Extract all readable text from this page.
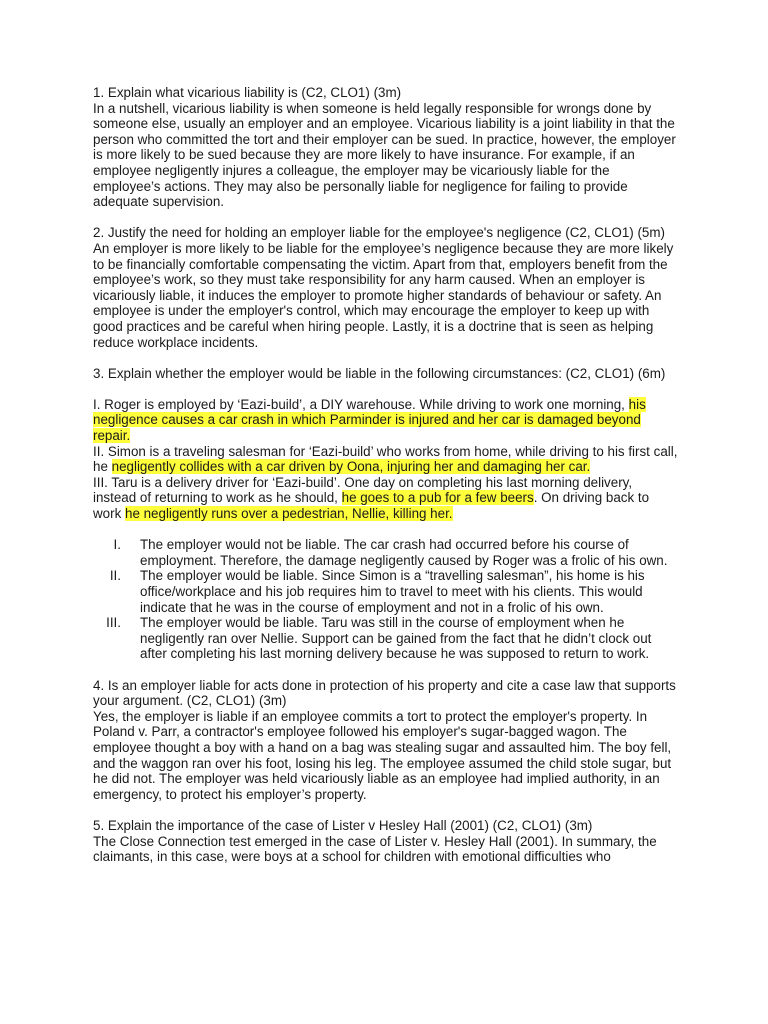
1. Explain what vicarious liability is (C2, CLO1) (3m)

In a nutshell, vicarious liability is when someone is held legally responsible for wrongs done by someone else, usually an employer and an employee. Vicarious liability is a joint liability in that the person who committed the tort and their employer can be sued. In practice, however, the employer is more likely to be sued because they are more likely to have insurance. For example, if an employee negligently injures a colleague, the employer may be vicariously liable for the employee’s actions. They may also be personally liable for negligence for failing to provide adequate supervision.

2. Justify the need for holding an employer liable for the employee's negligence (C2, CLO1) (5m)

An employer is more likely to be liable for the employee’s negligence because they are more likely to be financially comfortable compensating the victim. Apart from that, employers benefit from the employee’s work, so they must take responsibility for any harm caused. When an employer is vicariously liable, it induces the employer to promote higher standards of behaviour or safety. An employee is under the employer's control, which may encourage the employer to keep up with good practices and be careful when hiring people. Lastly, it is a doctrine that is seen as helping reduce workplace incidents.

3. Explain whether the employer would be liable in the following circumstances: (C2, CLO1) (6m)

I. Roger is employed by ‘Eazi-build’, a DIY warehouse. While driving to work one morning, his negligence causes a car crash in which Parminder is injured and her car is damaged beyond repair.

II. Simon is a traveling salesman for ‘Eazi-build’ who works from home, while driving to his first call, he negligently collides with a car driven by Oona, injuring her and damaging her car.

III. Taru is a delivery driver for ‘Eazi-build’. One day on completing his last morning delivery, instead of returning to work as he should, he goes to a pub for a few beers. On driving back to work he negligently runs over a pedestrian, Nellie, killing her.

I. The employer would not be liable. The car crash had occurred before his course of employment. Therefore, the damage negligently caused by Roger was a frolic of his own.
II. The employer would be liable. Since Simon is a “travelling salesman”, his home is his office/workplace and his job requires him to travel to meet with his clients. This would indicate that he was in the course of employment and not in a frolic of his own.
III. The employer would be liable. Taru was still in the course of employment when he negligently ran over Nellie. Support can be gained from the fact that he didn’t clock out after completing his last morning delivery because he was supposed to return to work.

4. Is an employer liable for acts done in protection of his property and cite a case law that supports your argument. (C2, CLO1) (3m)

Yes, the employer is liable if an employee commits a tort to protect the employer's property. In Poland v. Parr, a contractor's employee followed his employer's sugar-bagged wagon. The employee thought a boy with a hand on a bag was stealing sugar and assaulted him. The boy fell, and the waggon ran over his foot, losing his leg. The employee assumed the child stole sugar, but he did not. The employer was held vicariously liable as an employee had implied authority, in an emergency, to protect his employer’s property.

5. Explain the importance of the case of Lister v Hesley Hall (2001) (C2, CLO1) (3m)

The Close Connection test emerged in the case of Lister v. Hesley Hall (2001). In summary, the claimants, in this case, were boys at a school for children with emotional difficulties who
